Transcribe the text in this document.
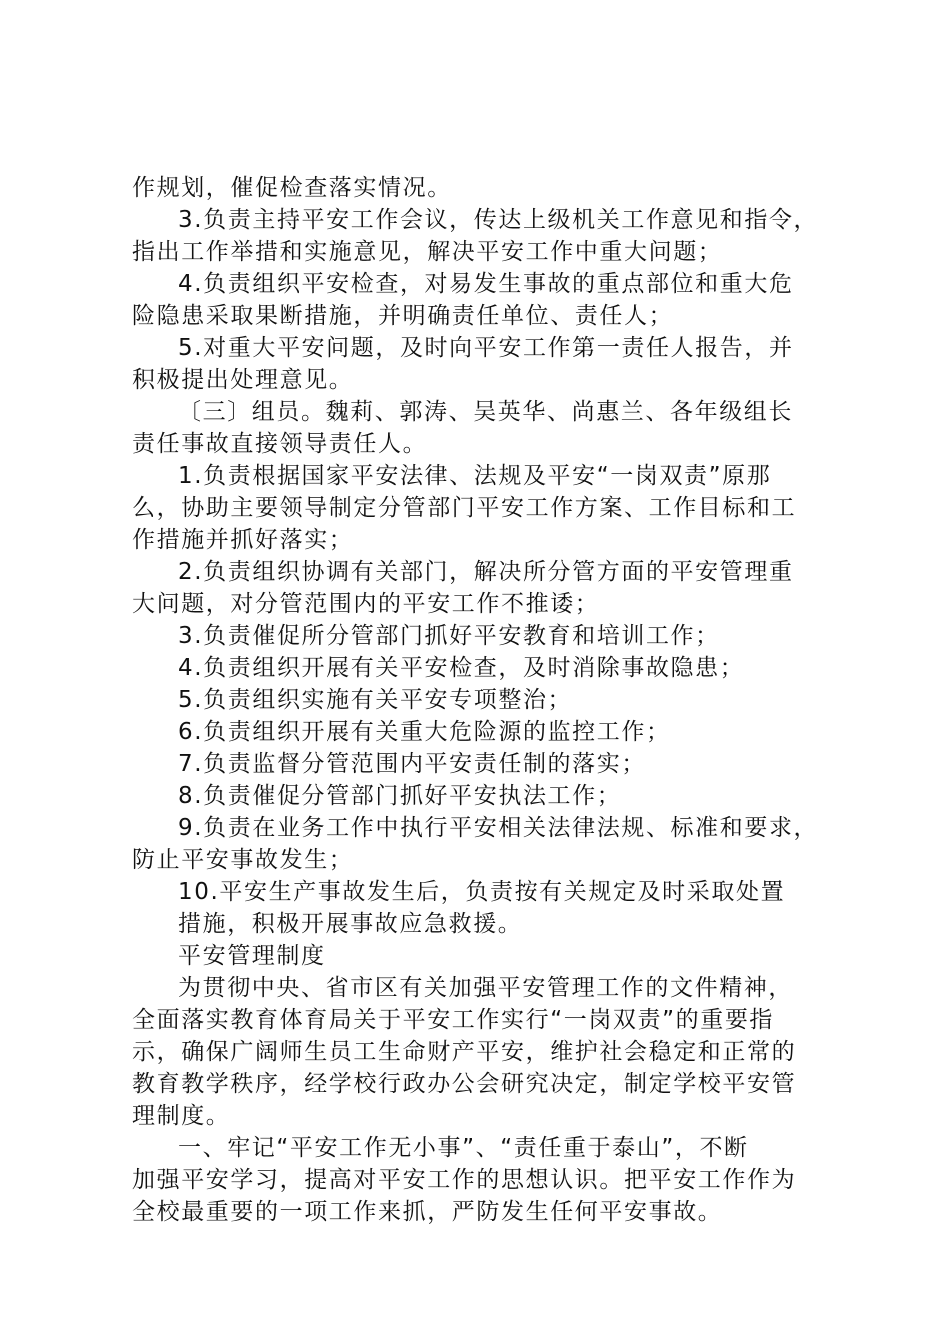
作规划，催促检查落实情况。
3.负责主持平安工作会议，传达上级机关工作意见和指令，
指出工作举措和实施意见，解决平安工作中重大问题；
4.负责组织平安检查，对易发生事故的重点部位和重大危
险隐患采取果断措施，并明确责任单位、责任人；
5.对重大平安问题，及时向平安工作第一责任人报告，并
积极提出处理意见。
〔三〕组员。魏莉、郭涛、吴英华、尚惠兰、各年级组长
责任事故直接领导责任人。
1.负责根据国家平安法律、法规及平安“一岗双责”原那
么，协助主要领导制定分管部门平安工作方案、工作目标和工
作措施并抓好落实；
2.负责组织协调有关部门，解决所分管方面的平安管理重
大问题，对分管范围内的平安工作不推诿；
3.负责催促所分管部门抓好平安教育和培训工作；
4.负责组织开展有关平安检查，及时消除事故隐患；
5.负责组织实施有关平安专项整治；
6.负责组织开展有关重大危险源的监控工作；
7.负责监督分管范围内平安责任制的落实；
8.负责催促分管部门抓好平安执法工作；
9.负责在业务工作中执行平安相关法律法规、标准和要求，
防止平安事故发生；
10.平安生产事故发生后，负责按有关规定及时采取处置
措施，积极开展事故应急救援。
平安管理制度
为贯彻中央、省市区有关加强平安管理工作的文件精神，
全面落实教育体育局关于平安工作实行“一岗双责”的重要指
示，确保广阔师生员工生命财产平安，维护社会稳定和正常的
教育教学秩序，经学校行政办公会研究决定，制定学校平安管
理制度。
一、牢记“平安工作无小事”、“责任重于泰山”，不断
加强平安学习，提高对平安工作的思想认识。把平安工作作为
全校最重要的一项工作来抓，严防发生任何平安事故。
